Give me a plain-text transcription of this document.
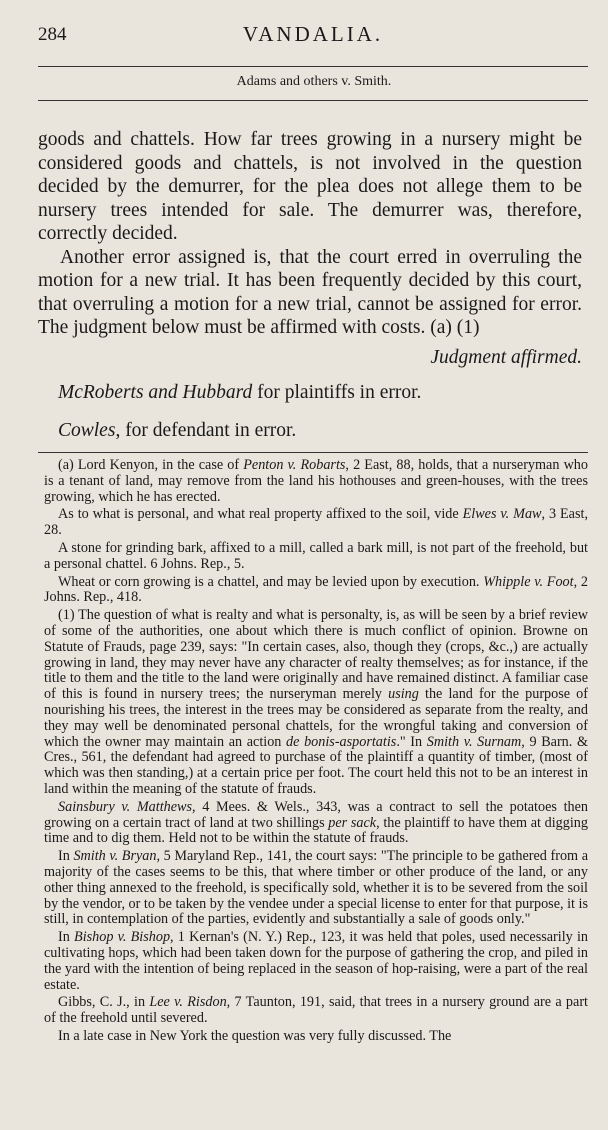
284	VANDALIA.
Adams and others v. Smith.

goods and chattels. How far trees growing in a nursery might be considered goods and chattels, is not involved in the question decided by the demurrer, for the plea does not allege them to be nursery trees intended for sale. The demurrer was, therefore, correctly decided.

Another error assigned is, that the court erred in overruling the motion for a new trial. It has been frequently decided by this court, that overruling a motion for a new trial, cannot be assigned for error. The judgment below must be affirmed with costs. (a) (1)

Judgment affirmed.

McRoberts and Hubbard for plaintiffs in error.

Cowles, for defendant in error.

(a) Lord Kenyon, in the case of Penton v. Robarts, 2 East, 88, holds, that a nurseryman who is a tenant of land, may remove from the land his hothouses and green-houses, with the trees growing, which he has erected.

As to what is personal, and what real property affixed to the soil, vide Elwes v. Maw, 3 East, 28.

A stone for grinding bark, affixed to a mill, called a bark mill, is not part of the freehold, but a personal chattel. 6 Johns. Rep., 5.

Wheat or corn growing is a chattel, and may be levied upon by execution. Whipple v. Foot, 2 Johns. Rep., 418.

(1) The question of what is realty and what is personalty, is, as will be seen by a brief review of some of the authorities, one about which there is much conflict of opinion. Browne on Statute of Frauds, page 239, says: "In certain cases, also, though they (crops, &c.,) are actually growing in land, they may never have any character of realty themselves; as for instance, if the title to them and the title to the land were originally and have remained distinct. A familiar case of this is found in nursery trees; the nurseryman merely using the land for the purpose of nourishing his trees, the interest in the trees may be considered as separate from the realty, and they may well be denominated personal chattels, for the wrongful taking and conversion of which the owner may maintain an action de bonis-asportatis." In Smith v. Surnam, 9 Barn. & Cres., 561, the defendant had agreed to purchase of the plaintiff a quantity of timber, (most of which was then standing,) at a certain price per foot. The court held this not to be an interest in land within the meaning of the statute of frauds.

Sainsbury v. Matthews, 4 Mees. & Wels., 343, was a contract to sell the potatoes then growing on a certain tract of land at two shillings per sack, the plaintiff to have them at digging time and to dig them. Held not to be within the statute of frauds.

In Smith v. Bryan, 5 Maryland Rep., 141, the court says: "The principle to be gathered from a majority of the cases seems to be this, that where timber or other produce of the land, or any other thing annexed to the freehold, is specifically sold, whether it is to be severed from the soil by the vendor, or to be taken by the vendee under a special license to enter for that purpose, it is still, in contemplation of the parties, evidently and substantially a sale of goods only."

In Bishop v. Bishop, 1 Kernan's (N. Y.) Rep., 123, it was held that poles, used necessarily in cultivating hops, which had been taken down for the purpose of gathering the crop, and piled in the yard with the intention of being replaced in the season of hop-raising, were a part of the real estate.

Gibbs, C. J., in Lee v. Risdon, 7 Taunton, 191, said, that trees in a nursery ground are a part of the freehold until severed.

In a late case in New York the question was very fully discussed. The
